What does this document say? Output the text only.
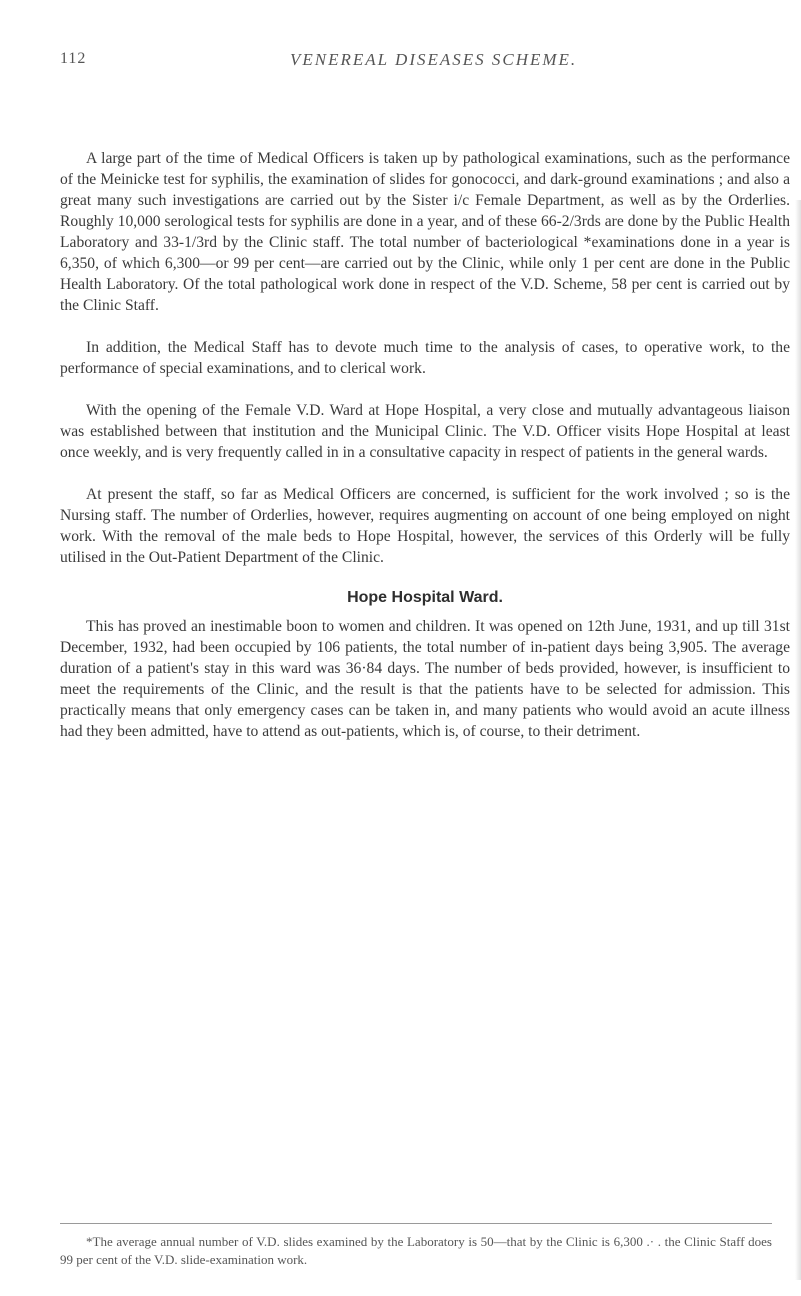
112	VENEREAL DISEASES SCHEME.

A large part of the time of Medical Officers is taken up by pathological examinations, such as the performance of the Meinicke test for syphilis, the examination of slides for gonococci, and dark-ground examinations ; and also a great many such investigations are carried out by the Sister i/c Female Department, as well as by the Orderlies. Roughly 10,000 serological tests for syphilis are done in a year, and of these 66-2/3rds are done by the Public Health Laboratory and 33-1/3rd by the Clinic staff. The total number of bacteriological *examinations done in a year is 6,350, of which 6,300—or 99 per cent—are carried out by the Clinic, while only 1 per cent are done in the Public Health Laboratory. Of the total pathological work done in respect of the V.D. Scheme, 58 per cent is carried out by the Clinic Staff.

In addition, the Medical Staff has to devote much time to the analysis of cases, to operative work, to the performance of special examinations, and to clerical work.

With the opening of the Female V.D. Ward at Hope Hospital, a very close and mutually advantageous liaison was established between that institution and the Municipal Clinic. The V.D. Officer visits Hope Hospital at least once weekly, and is very frequently called in in a consultative capacity in respect of patients in the general wards.

At present the staff, so far as Medical Officers are concerned, is sufficient for the work involved ; so is the Nursing staff. The number of Orderlies, however, requires augmenting on account of one being employed on night work. With the removal of the male beds to Hope Hospital, however, the services of this Orderly will be fully utilised in the Out-Patient Department of the Clinic.

Hope Hospital Ward.

This has proved an inestimable boon to women and children. It was opened on 12th June, 1931, and up till 31st December, 1932, had been occupied by 106 patients, the total number of in-patient days being 3,905. The average duration of a patient's stay in this ward was 36·84 days. The number of beds provided, however, is insufficient to meet the requirements of the Clinic, and the result is that the patients have to be selected for admission. This practically means that only emergency cases can be taken in, and many patients who would avoid an acute illness had they been admitted, have to attend as out-patients, which is, of course, to their detriment.

*The average annual number of V.D. slides examined by the Laboratory is 50—that by the Clinic is 6,300 .· . the Clinic Staff does 99 per cent of the V.D. slide-examination work.
